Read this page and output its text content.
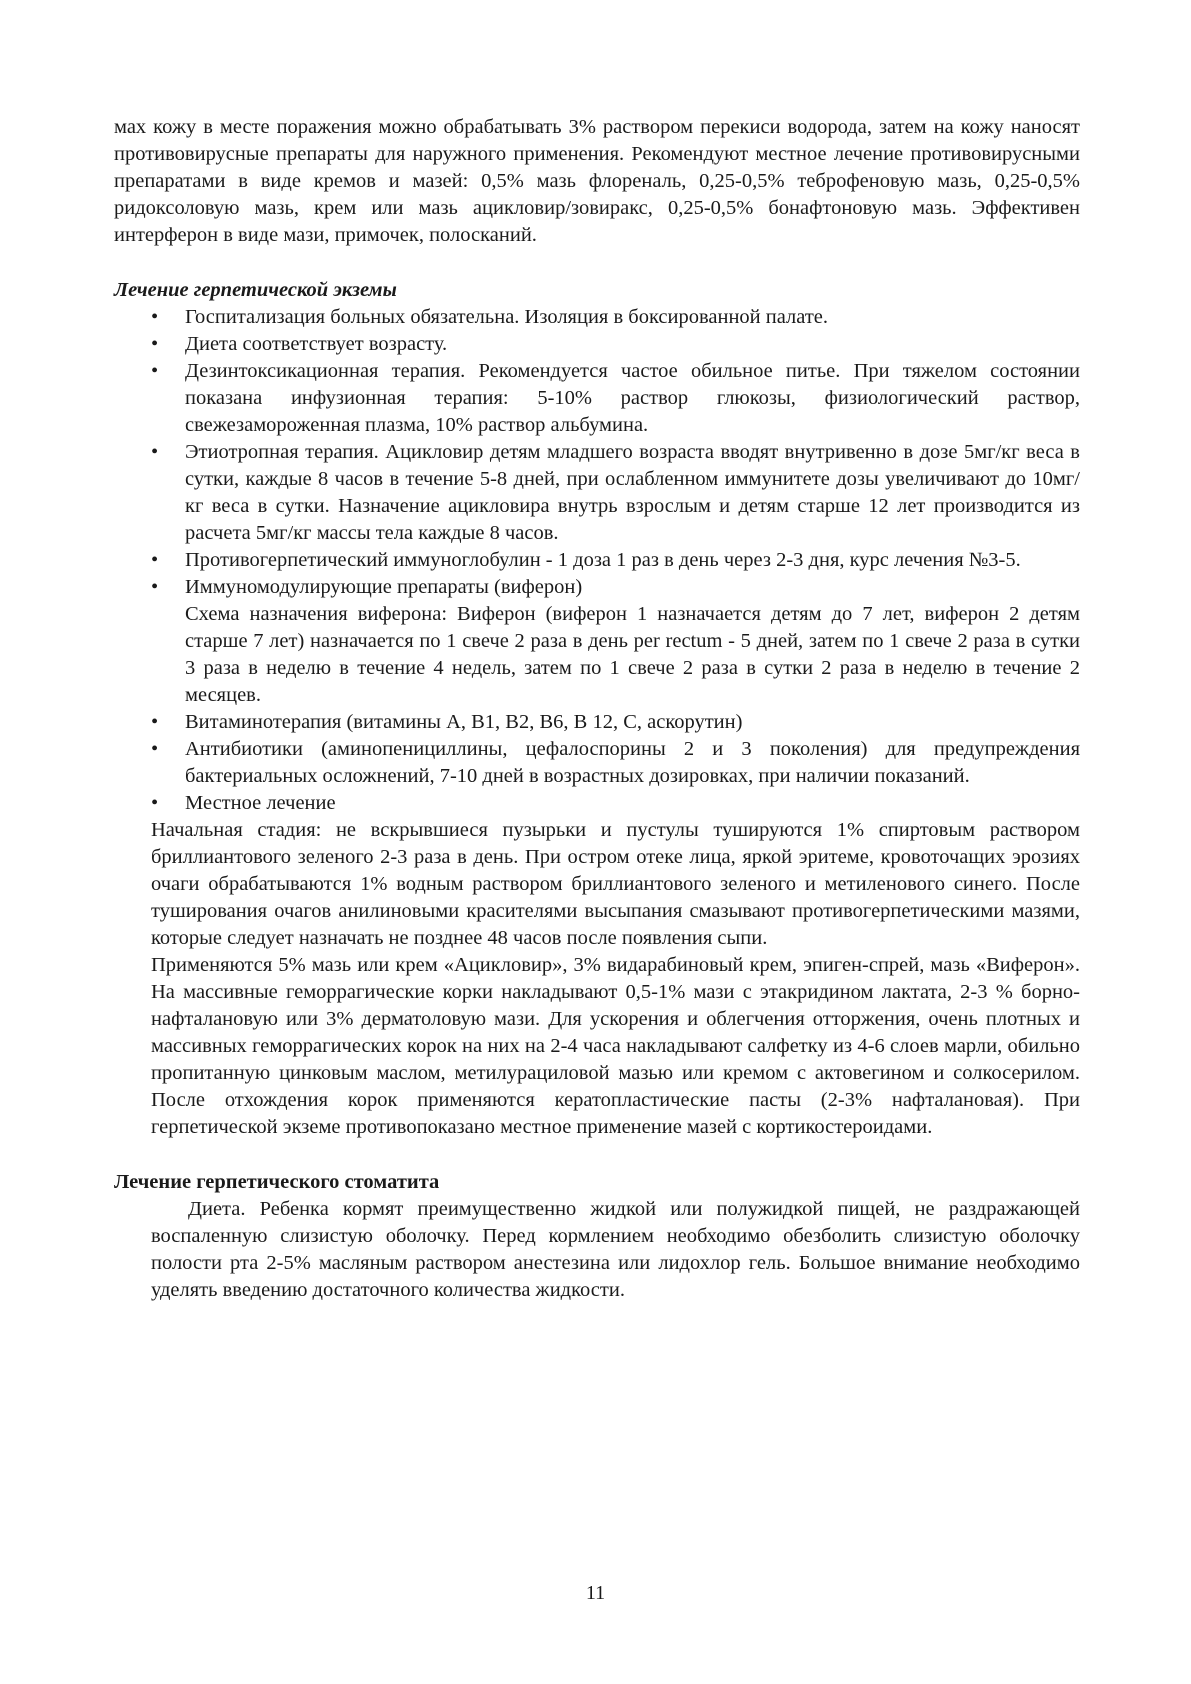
мах кожу в месте поражения можно обрабатывать 3% раствором перекиси водорода, затем на кожу наносят противовирусные препараты для наружного применения. Рекомендуют местное лечение противовирусными препаратами в виде кремов и мазей: 0,5% мазь флореналь, 0,25-0,5% теброфеновую мазь, 0,25-0,5% ридоксоловую мазь, крем или мазь ацикловир/зовиракс, 0,25-0,5% бонафтоновую мазь. Эффективен интерферон в виде мази, примочек, полосканий.

Лечение герпетической экземы

•	Госпитализация больных обязательна. Изоляция в боксированной палате.
•	Диета соответствует возрасту.
•	Дезинтоксикационная терапия. Рекомендуется частое обильное питье. При тяжелом состоянии показана инфузионная терапия: 5-10% раствор глюкозы, физиологический раствор, свежезамороженная плазма, 10% раствор альбумина.
•	Этиотропная терапия. Ацикловир детям младшего возраста вводят внутривенно в дозе 5мг/кг веса в сутки, каждые 8 часов в течение 5-8 дней, при ослабленном иммунитете дозы увеличивают до 10мг/кг веса в сутки. Назначение ацикловира внутрь взрослым и детям старше 12 лет производится из расчета 5мг/кг массы тела каждые 8 часов.
•	Противогерпетический иммуноглобулин - 1 доза 1 раз в день через 2-3 дня, курс лечения №3-5.
•	Иммуномодулирующие препараты (виферон)
Схема назначения виферона: Виферон (виферон 1 назначается детям до 7 лет, виферон 2 детям старше 7 лет) назначается по 1 свече 2 раза в день per rectum - 5 дней, затем по 1 свече 2 раза в сутки 3 раза в неделю в течение 4 недель, затем по 1 свече 2 раза в сутки 2 раза в неделю в течение 2 месяцев.
•	Витаминотерапия (витамины А, В1, В2, В6, В 12, С, аскорутин)
•	Антибиотики (аминопенициллины, цефалоспорины 2 и 3 поколения) для предупреждения бактериальных осложнений, 7-10 дней в возрастных дозировках, при наличии показаний.
•	Местное лечение

Начальная стадия: не вскрывшиеся пузырьки и пустулы тушируются 1% спиртовым раствором бриллиантового зеленого 2-3 раза в день. При остром отеке лица, яркой эритеме, кровоточащих эрозиях очаги обрабатываются 1% водным раствором бриллиантового зеленого и метиленового синего. После туширования очагов анилиновыми красителями высыпания смазывают противогерпетическими мазями, которые следует назначать не позднее 48 часов после появления сыпи.

Применяются 5% мазь или крем «Ацикловир», 3% видарабиновый крем, эпиген-спрей, мазь «Виферон». На массивные геморрагические корки накладывают 0,5-1% мази с этакридином лактата, 2-3 % борно-нафталановую или 3% дерматоловую мази. Для ускорения и облегчения отторжения, очень плотных и массивных геморрагических корок на них на 2-4 часа накладывают салфетку из 4-6 слоев марли, обильно пропитанную цинковым маслом, метилурациловой мазью или кремом с актовегином и солкосерилом. После отхождения корок применяются кератопластические пасты (2-3% нафталановая). При герпетической экземе противопоказано местное применение мазей с кортикостероидами.

Лечение герпетического стоматита

Диета. Ребенка кормят преимущественно жидкой или полужидкой пищей, не раздражающей воспаленную слизистую оболочку. Перед кормлением необходимо обезболить слизистую оболочку полости рта 2-5% масляным раствором анестезина или лидохлор гель. Большое внимание необходимо уделять введению достаточного количества жидкости.

11
